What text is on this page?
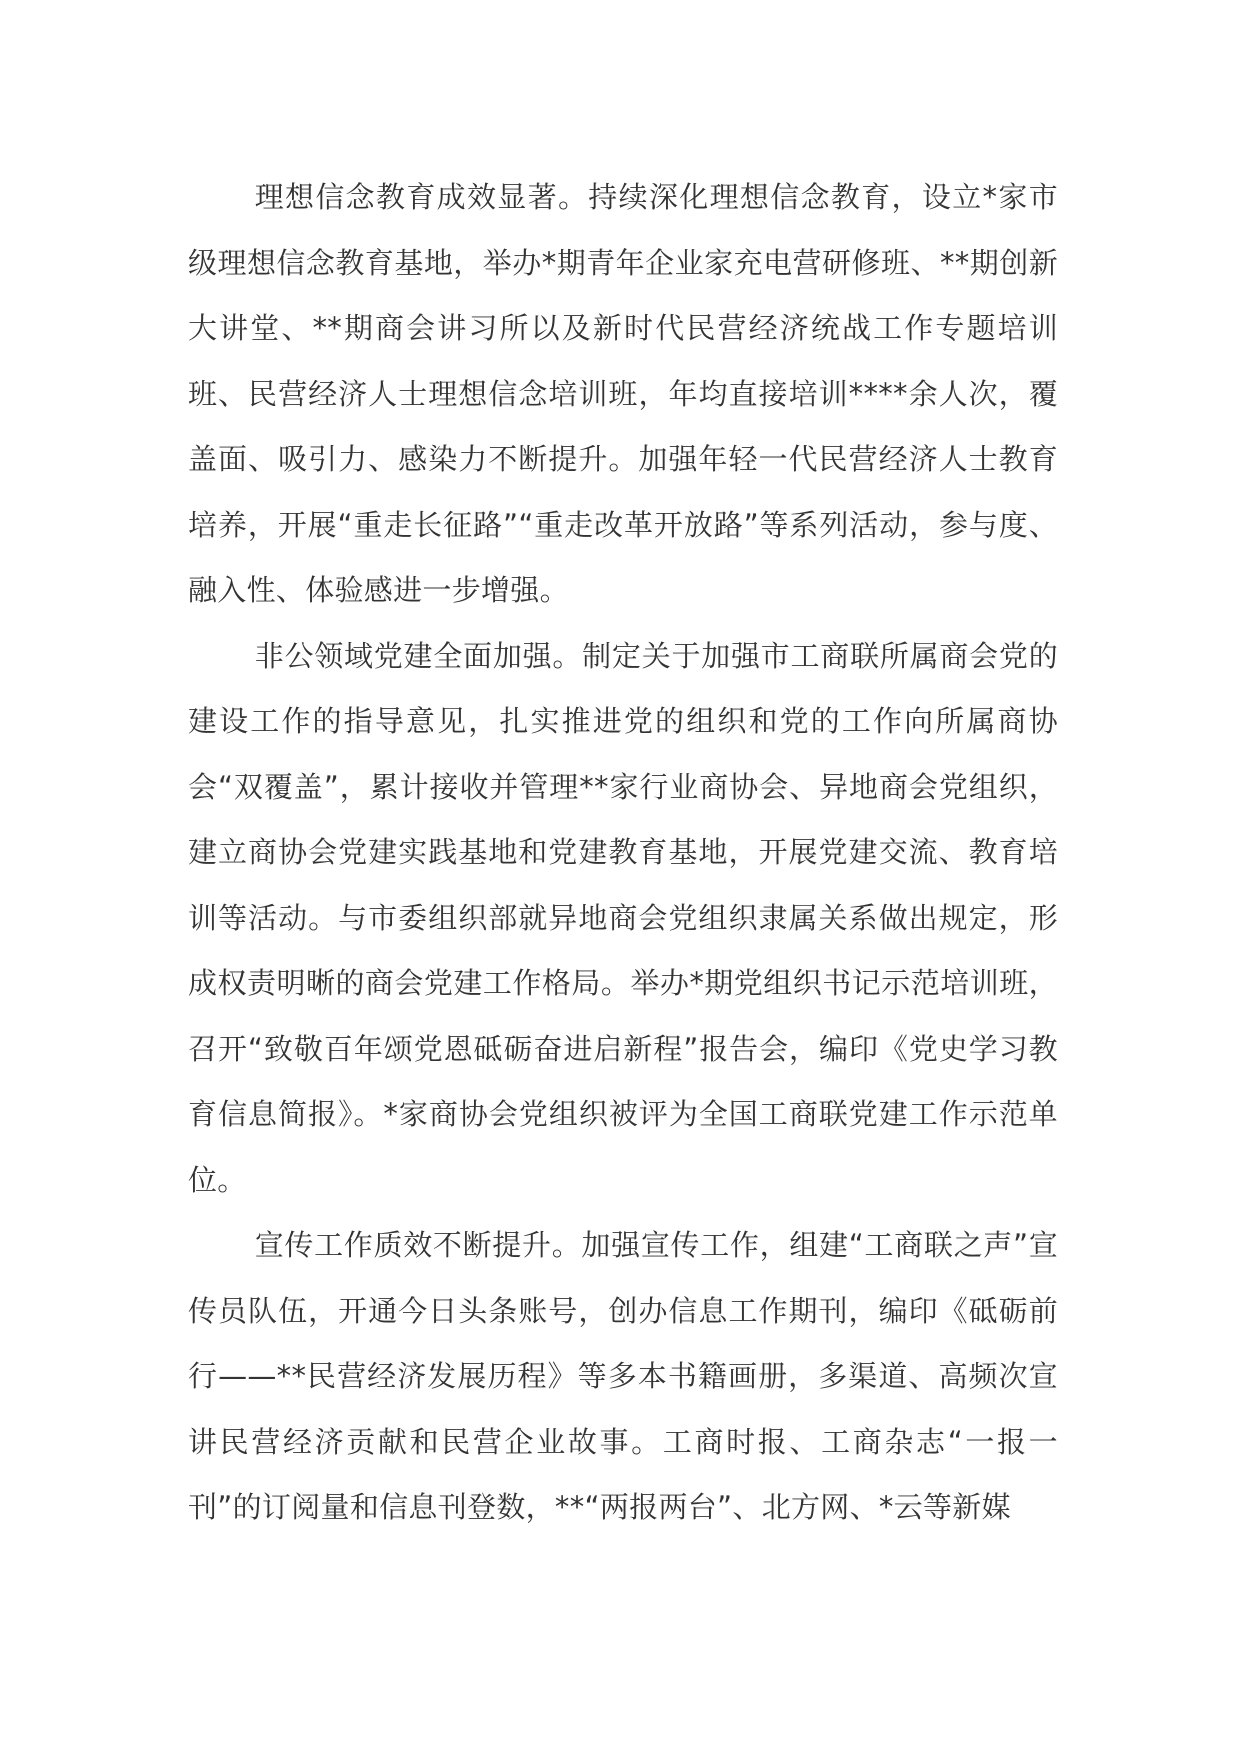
理想信念教育成效显著。持续深化理想信念教育，设立*家市级理想信念教育基地，举办*期青年企业家充电营研修班、**期创新大讲堂、**期商会讲习所以及新时代民营经济统战工作专题培训班、民营经济人士理想信念培训班，年均直接培训****余人次，覆盖面、吸引力、感染力不断提升。加强年轻一代民营经济人士教育培养，开展“重走长征路”“重走改革开放路”等系列活动，参与度、融入性、体验感进一步增强。

非公领域党建全面加强。制定关于加强市工商联所属商会党的建设工作的指导意见，扎实推进党的组织和党的工作向所属商协会“双覆盖”，累计接收并管理**家行业商协会、异地商会党组织，建立商协会党建实践基地和党建教育基地，开展党建交流、教育培训等活动。与市委组织部就异地商会党组织隶属关系做出规定，形成权责明晰的商会党建工作格局。举办*期党组织书记示范培训班，召开“致敬百年颂党恩砥砺奋进启新程”报告会，编印《党史学习教育信息简报》。*家商协会党组织被评为全国工商联党建工作示范单位。

宣传工作质效不断提升。加强宣传工作，组建“工商联之声”宣传员队伍，开通今日头条账号，创办信息工作期刊，编印《砥砺前行——**民营经济发展历程》等多本书籍画册，多渠道、高频次宣讲民营经济贡献和民营企业故事。工商时报、工商杂志“一报一刊”的订阅量和信息刊登数，**“两报两台”、北方网、*云等新媒
